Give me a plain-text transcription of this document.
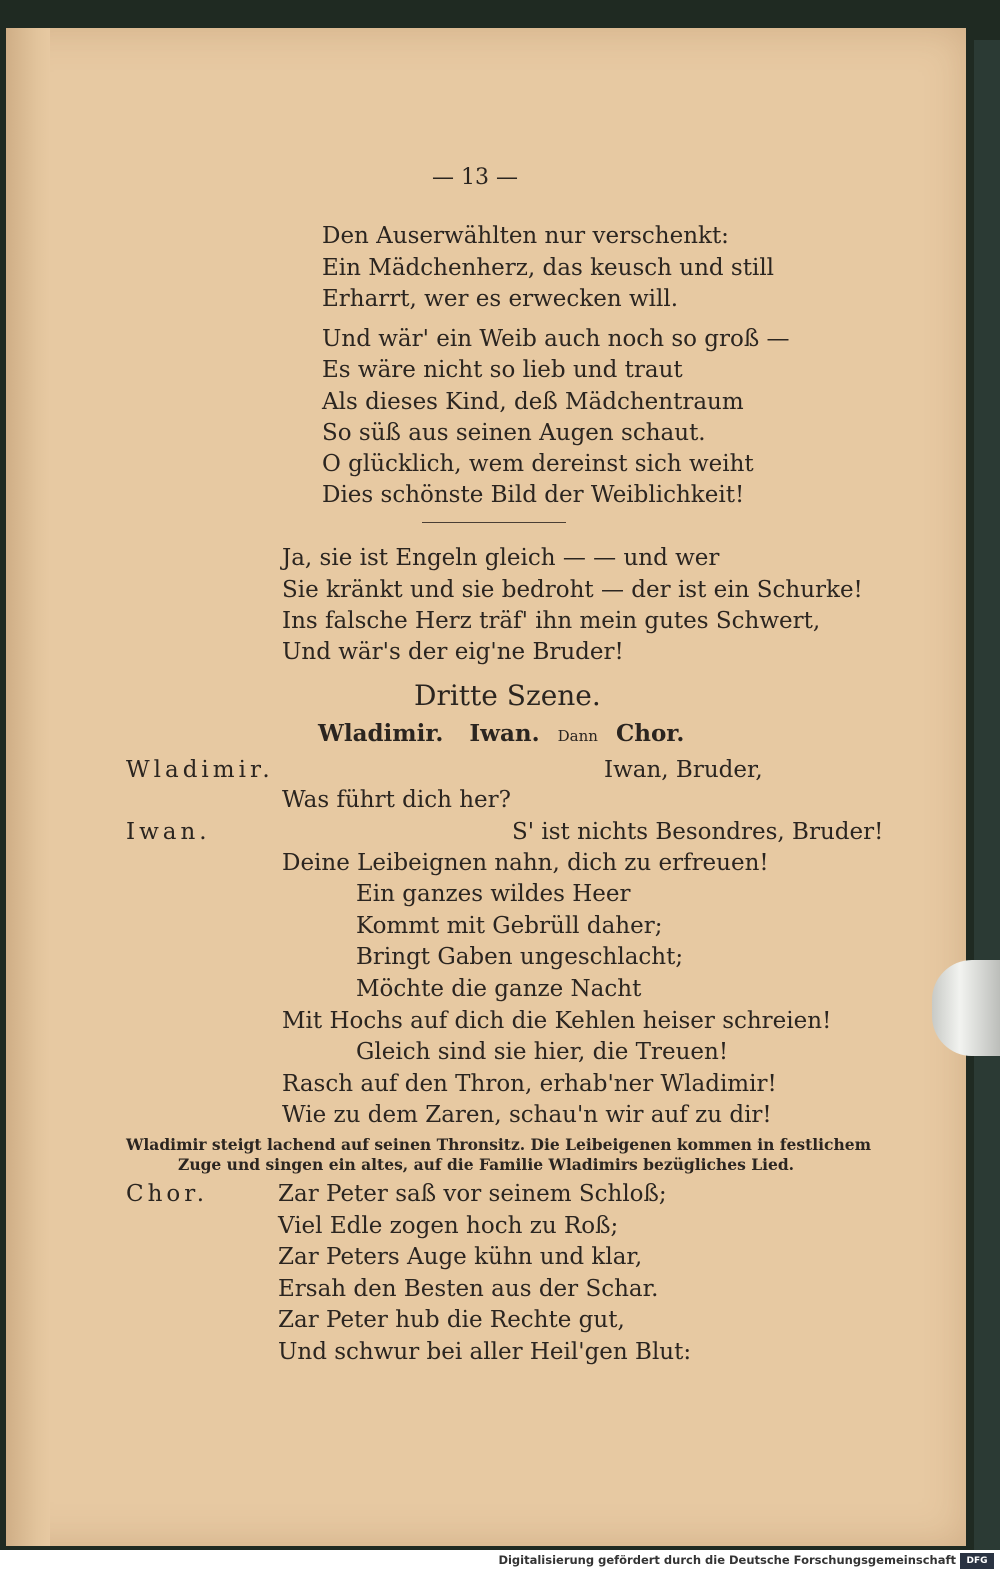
— 13 —
Den Auserwählten nur verschenkt:
Ein Mädchenherz, das keusch und still
Erharrt, wer es erwecken will.
Und wär' ein Weib auch noch so groß —
Es wäre nicht so lieb und traut
Als dieses Kind, deß Mädchentraum
So süß aus seinen Augen schaut.
O glücklich, wem dereinst sich weiht
Dies schönste Bild der Weiblichkeit!
Ja, sie ist Engeln gleich — — und wer
Sie kränkt und sie bedroht — der ist ein Schurke!
Ins falsche Herz träf' ihn mein gutes Schwert,
Und wär's der eig'ne Bruder!
Dritte Szene.
Wladimir. Iwan. Dann Chor.
Wladimir.	Iwan, Bruder,
Was führt dich her?
Iwan.	S' ist nichts Besondres, Bruder!
Deine Leibeignen nahn, dich zu erfreuen!
Ein ganzes wildes Heer
Kommt mit Gebrüll daher;
Bringt Gaben ungeschlacht;
Möchte die ganze Nacht
Mit Hochs auf dich die Kehlen heiser schreien!
Gleich sind sie hier, die Treuen!
Rasch auf den Thron, erhab'ner Wladimir!
Wie zu dem Zaren, schau'n wir auf zu dir!
Wladimir steigt lachend auf seinen Thronsitz. Die Leibeigenen kommen in festlichem
Zuge und singen ein altes, auf die Familie Wladimirs bezügliches Lied.
Chor.	Zar Peter saß vor seinem Schloß;
Viel Edle zogen hoch zu Roß;
Zar Peters Auge kühn und klar,
Ersah den Besten aus der Schar.
Zar Peter hub die Rechte gut,
Und schwur bei aller Heil'gen Blut:
Digitalisierung gefördert durch die Deutsche Forschungsgemeinschaft	DFG
